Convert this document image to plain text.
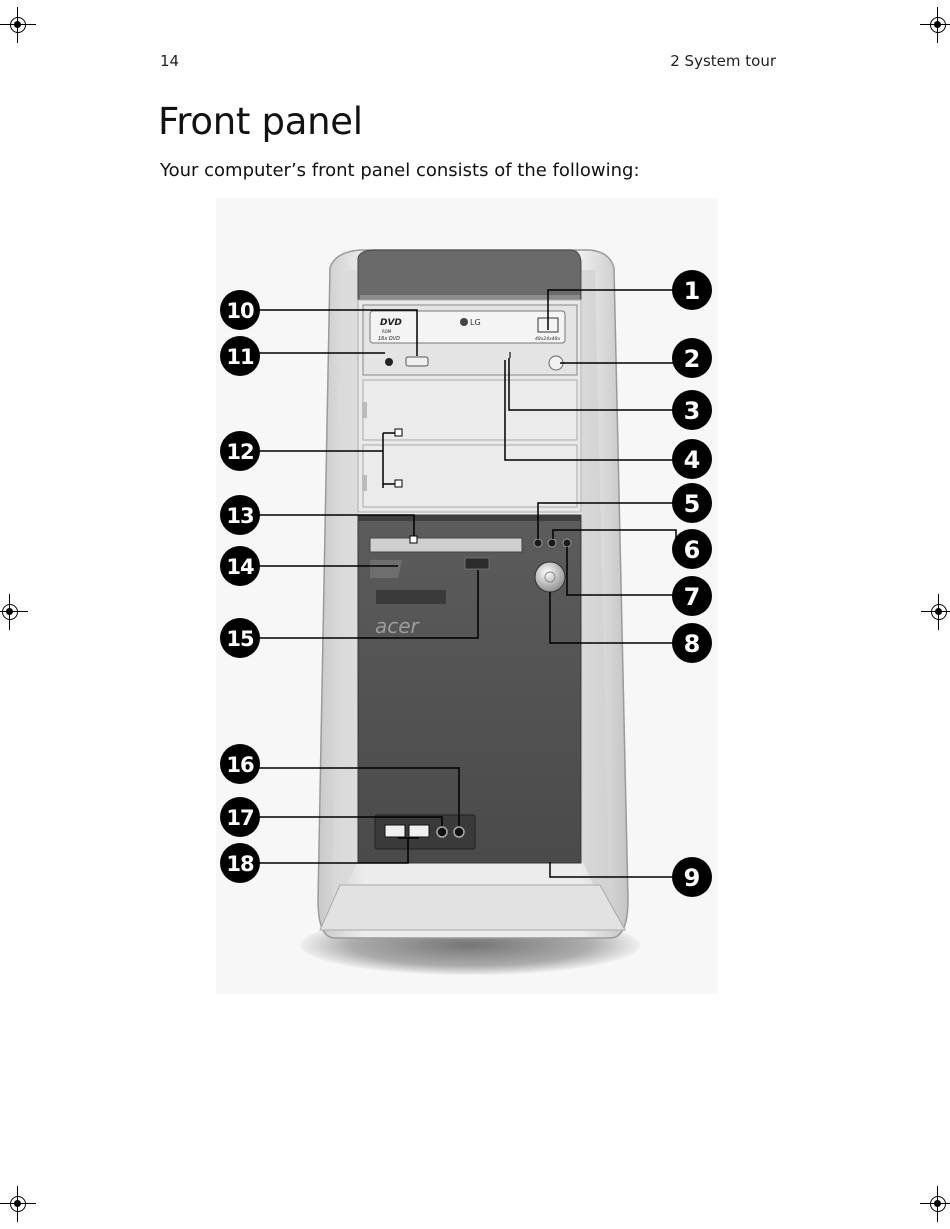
14	2 System tour
Front panel
Your computer’s front panel consists of the following:
DVD
ROM
16x DVD
LG
48x24x48x
acer
1
2
3
4
5
6
7
8
9
10
11
12
13
14
15
16
17
18
